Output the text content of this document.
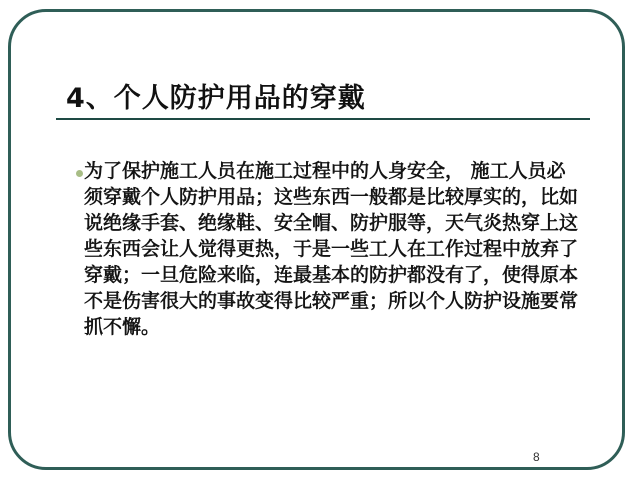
4、个人防护用品的穿戴

为了保护施工人员在施工过程中的人身安全， 施工人员必须穿戴个人防护用品；这些东西一般都是比较厚实的，比如说绝缘手套、绝缘鞋、安全帽、防护服等，天气炎热穿上这些东西会让人觉得更热，于是一些工人在工作过程中放弃了穿戴；一旦危险来临，连最基本的防护都没有了，使得原本不是伤害很大的事故变得比较严重；所以个人防护设施要常抓不懈。

8
